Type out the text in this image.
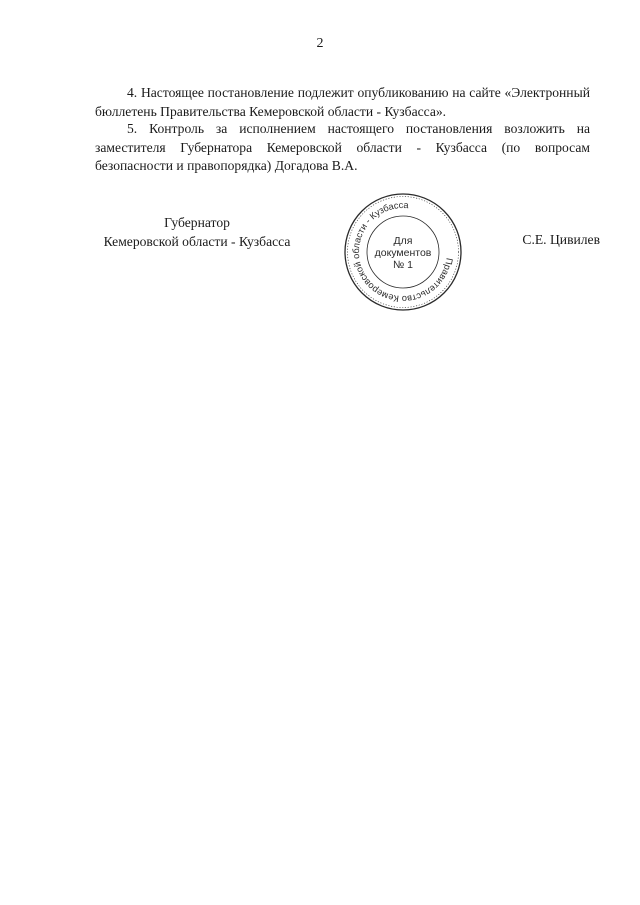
2
4. Настоящее постановление подлежит опубликованию на сайте «Электронный бюллетень Правительства Кемеровской области - Кузбасса».
5. Контроль за исполнением настоящего постановления возложить на заместителя Губернатора Кемеровской области - Кузбасса (по вопросам безопасности и правопорядка) Догадова В.А.
Губернатор
Кемеровской области - Кузбасса
Правительство Кемеровской области - Кузбасса
Для
документов
№ 1
С.Е. Цивилев
